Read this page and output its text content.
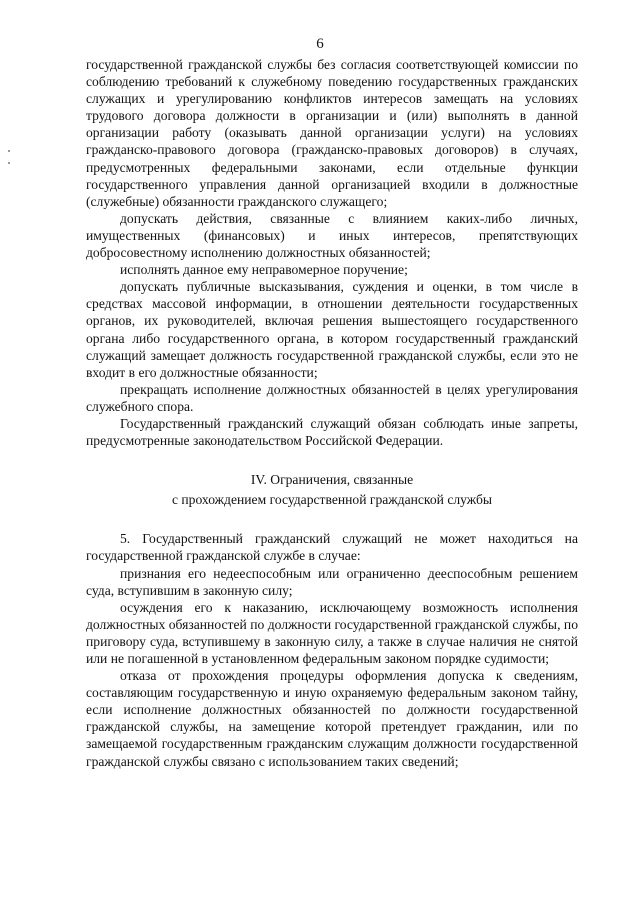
6

государственной гражданской службы без согласия соответствующей комиссии по соблюдению требований к служебному поведению государственных гражданских служащих и урегулированию конфликтов интересов замещать на условиях трудового договора должности в организации и (или) выполнять в данной организации работу (оказывать данной организации услуги) на условиях гражданско-правового договора (гражданско-правовых договоров) в случаях, предусмотренных федеральными законами, если отдельные функции государственного управления данной организацией входили в должностные (служебные) обязанности гражданского служащего;

допускать действия, связанные с влиянием каких-либо личных, имущественных (финансовых) и иных интересов, препятствующих добросовестному исполнению должностных обязанностей;

исполнять данное ему неправомерное поручение;

допускать публичные высказывания, суждения и оценки, в том числе в средствах массовой информации, в отношении деятельности государственных органов, их руководителей, включая решения вышестоящего государственного органа либо государственного органа, в котором государственный гражданский служащий замещает должность государственной гражданской службы, если это не входит в его должностные обязанности;

прекращать исполнение должностных обязанностей в целях урегулирования служебного спора.

Государственный гражданский служащий обязан соблюдать иные запреты, предусмотренные законодательством Российской Федерации.

IV. Ограничения, связанные

с прохождением государственной гражданской службы

5. Государственный гражданский служащий не может находиться на государственной гражданской службе в случае:

признания его недееспособным или ограниченно дееспособным решением суда, вступившим в законную силу;

осуждения его к наказанию, исключающему возможность исполнения должностных обязанностей по должности государственной гражданской службы, по приговору суда, вступившему в законную силу, а также в случае наличия не снятой или не погашенной в установленном федеральным законом порядке судимости;

отказа от прохождения процедуры оформления допуска к сведениям, составляющим государственную и иную охраняемую федеральным законом тайну, если исполнение должностных обязанностей по должности государственной гражданской службы, на замещение которой претендует гражданин, или по замещаемой государственным гражданским служащим должности государственной гражданской службы связано с использованием таких сведений;
